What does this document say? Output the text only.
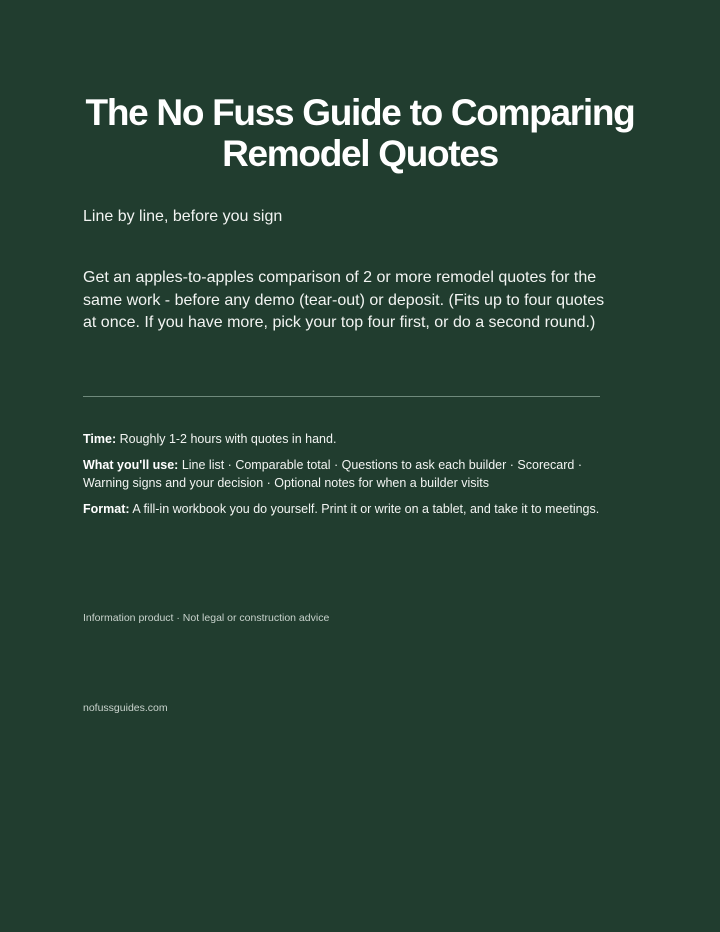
The No Fuss Guide to Comparing Remodel Quotes

Line by line, before you sign

Get an apples-to-apples comparison of 2 or more remodel quotes for the same work - before any demo (tear-out) or deposit. (Fits up to four quotes at once. If you have more, pick your top four first, or do a second round.)

Time: Roughly 1-2 hours with quotes in hand.

What you'll use: Line list · Comparable total · Questions to ask each builder · Scorecard · Warning signs and your decision · Optional notes for when a builder visits

Format: A fill-in workbook you do yourself. Print it or write on a tablet, and take it to meetings.

Information product · Not legal or construction advice

nofussguides.com
